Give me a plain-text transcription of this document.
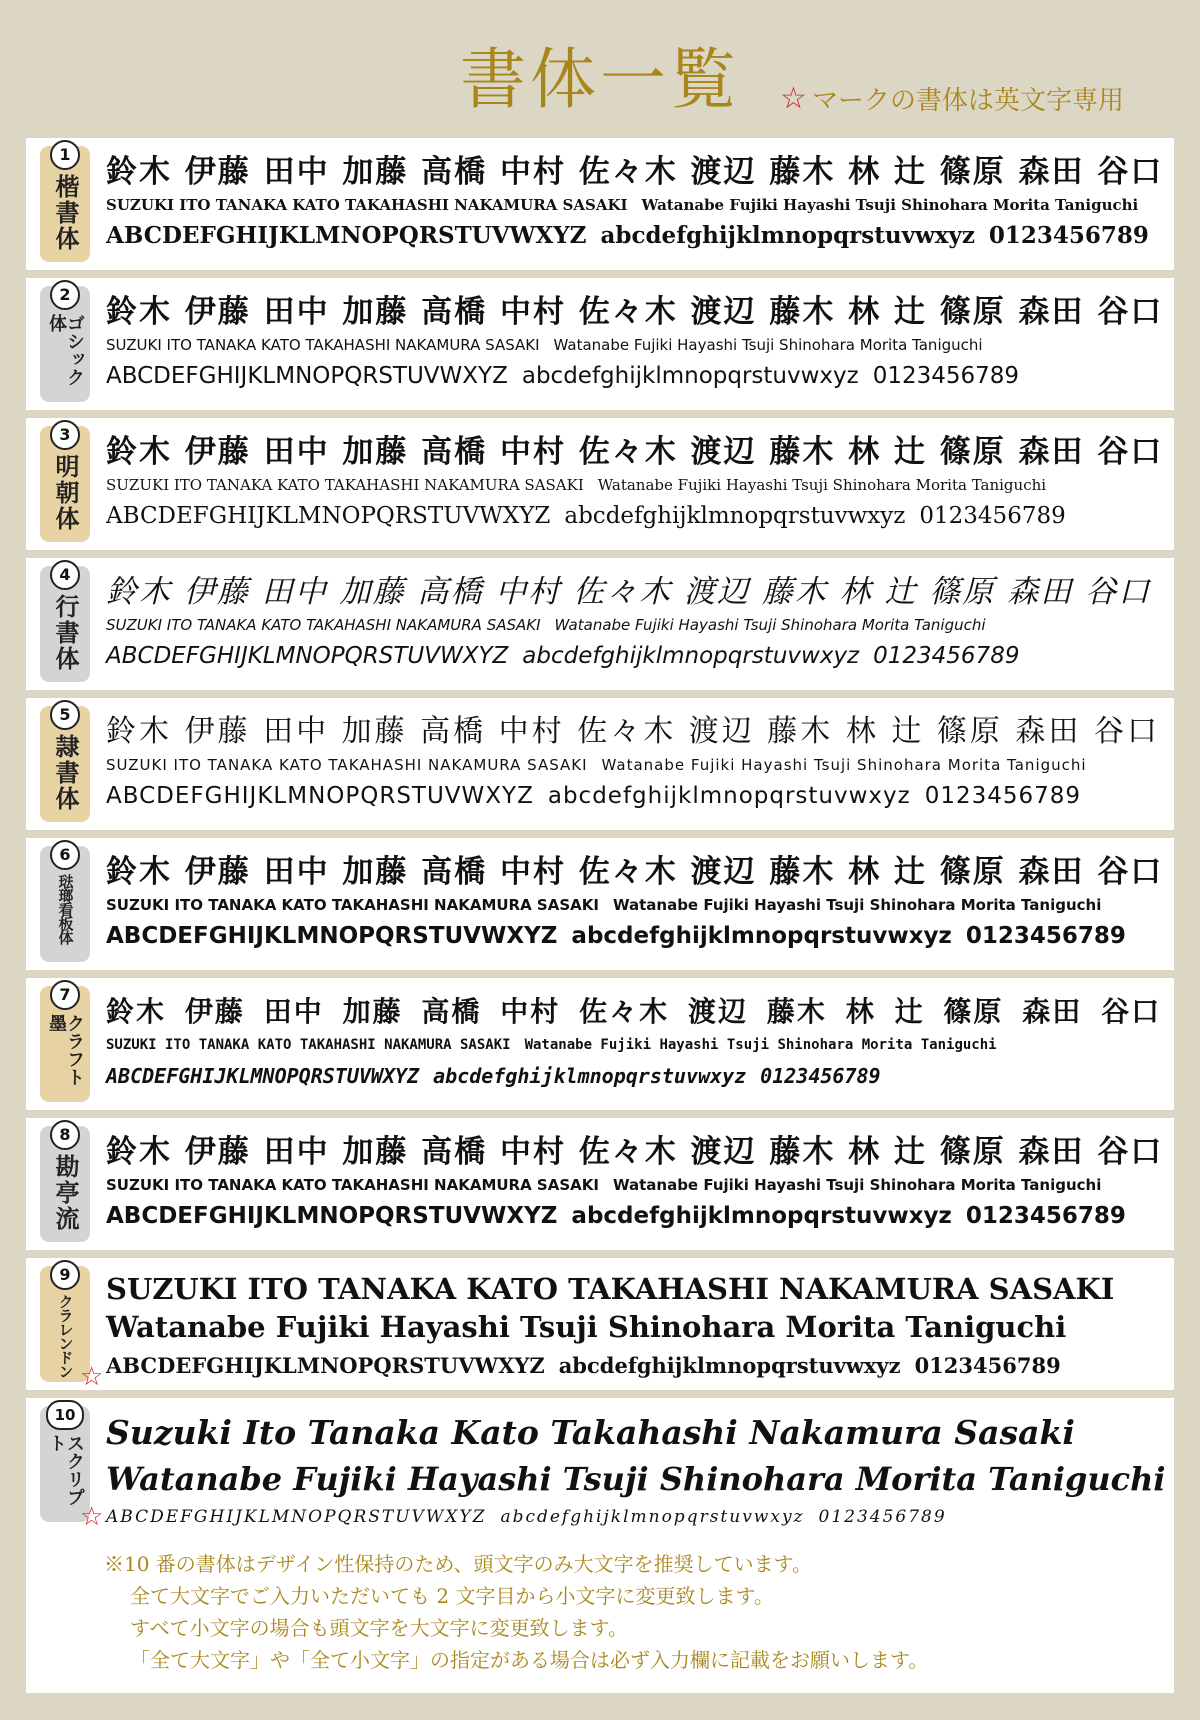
書体一覧 ☆ マークの書体は英文字専用
1
楷書体
鈴木 伊藤 田中 加藤 高橋 中村 佐々木 渡辺 藤木 林 辻 篠原 森田 谷口
SUZUKI ITO TANAKA KATO TAKAHASHI NAKAMURA SASAKI Watanabe Fujiki Hayashi Tsuji Shinohara Morita Taniguchi
ABCDEFGHIJKLMNOPQRSTUVWXYZ abcdefghijklmnopqrstuvwxyz 0123456789
2
ゴシック体	鈴木 伊藤 田中 加藤 高橋 中村 佐々木 渡辺 藤木 林 辻 篠原 森田 谷口
SUZUKI ITO TANAKA KATO TAKAHASHI NAKAMURA SASAKI Watanabe Fujiki Hayashi Tsuji Shinohara Morita Taniguchi
ABCDEFGHIJKLMNOPQRSTUVWXYZ abcdefghijklmnopqrstuvwxyz 0123456789
3
明朝体
鈴木 伊藤 田中 加藤 高橋 中村 佐々木 渡辺 藤木 林 辻 篠原 森田 谷口
SUZUKI ITO TANAKA KATO TAKAHASHI NAKAMURA SASAKI Watanabe Fujiki Hayashi Tsuji Shinohara Morita Taniguchi
ABCDEFGHIJKLMNOPQRSTUVWXYZ abcdefghijklmnopqrstuvwxyz 0123456789
4
行書体
鈴木 伊藤 田中 加藤 高橋 中村 佐々木 渡辺 藤木 林 辻 篠原 森田 谷口
SUZUKI ITO TANAKA KATO TAKAHASHI NAKAMURA SASAKI Watanabe Fujiki Hayashi Tsuji Shinohara Morita Taniguchi
ABCDEFGHIJKLMNOPQRSTUVWXYZ abcdefghijklmnopqrstuvwxyz 0123456789
5
隷書体
鈴木 伊藤 田中 加藤 高橋 中村 佐々木 渡辺 藤木 林 辻 篠原 森田 谷口
SUZUKI ITO TANAKA KATO TAKAHASHI NAKAMURA SASAKI Watanabe Fujiki Hayashi Tsuji Shinohara Morita Taniguchi
ABCDEFGHIJKLMNOPQRSTUVWXYZ abcdefghijklmnopqrstuvwxyz 0123456789
6
琺瑯看板体
鈴木 伊藤 田中 加藤 高橋 中村 佐々木 渡辺 藤木 林 辻 篠原 森田 谷口
SUZUKI ITO TANAKA KATO TAKAHASHI NAKAMURA SASAKI Watanabe Fujiki Hayashi Tsuji Shinohara Morita Taniguchi
ABCDEFGHIJKLMNOPQRSTUVWXYZ abcdefghijklmnopqrstuvwxyz 0123456789
7
クラフト墨	鈴木 伊藤 田中 加藤 高橋 中村 佐々木 渡辺 藤木 林 辻 篠原 森田 谷口
SUZUKI ITO TANAKA KATO TAKAHASHI NAKAMURA SASAKI Watanabe Fujiki Hayashi Tsuji Shinohara Morita Taniguchi
ABCDEFGHIJKLMNOPQRSTUVWXYZ abcdefghijklmnopqrstuvwxyz 0123456789
8
勘亭流
鈴木 伊藤 田中 加藤 高橋 中村 佐々木 渡辺 藤木 林 辻 篠原 森田 谷口
SUZUKI ITO TANAKA KATO TAKAHASHI NAKAMURA SASAKI Watanabe Fujiki Hayashi Tsuji Shinohara Morita Taniguchi
ABCDEFGHIJKLMNOPQRSTUVWXYZ abcdefghijklmnopqrstuvwxyz 0123456789
9
クラレンドン ☆
SUZUKI ITO TANAKA KATO TAKAHASHI NAKAMURA SASAKI
Watanabe Fujiki Hayashi Tsuji Shinohara Morita Taniguchi
ABCDEFGHIJKLMNOPQRSTUVWXYZ abcdefghijklmnopqrstuvwxyz 0123456789
10
スクリプト
☆
Suzuki Ito Tanaka Kato Takahashi Nakamura Sasaki
Watanabe Fujiki Hayashi Tsuji Shinohara Morita Taniguchi
ABCDEFGHIJKLMNOPQRSTUVWXYZ abcdefghijklmnopqrstuvwxyz 0123456789
※10 番の書体はデザイン性保持のため、頭文字のみ大文字を推奨しています。
全て大文字でご入力いただいても 2 文字目から小文字に変更致します。
すべて小文字の場合も頭文字を大文字に変更致します。
「全て大文字」や「全て小文字」の指定がある場合は必ず入力欄に記載をお願いします。
